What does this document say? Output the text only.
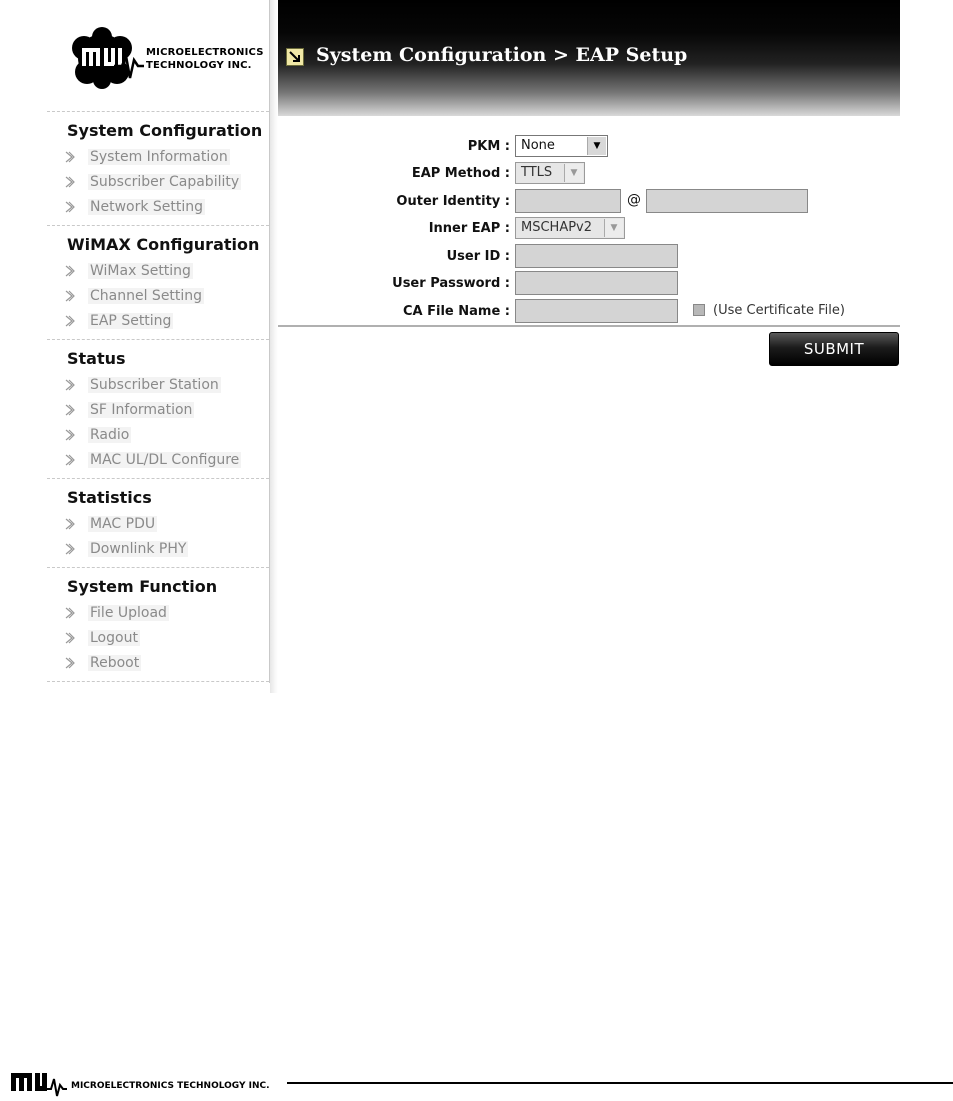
MICROELECTRONICS
TECHNOLOGY INC.
System Configuration
System Information
Subscriber Capability
Network Setting
WiMAX Configuration
WiMax Setting
Channel Setting
EAP Setting
Status
Subscriber Station
SF Information
Radio
MAC UL/DL Configure
Statistics
MAC PDU
Downlink PHY
System Function
File Upload
Logout
Reboot
System Configuration > EAP Setup
PKM : None	▼
EAP Method : TTLS	▼
Outer Identity :	@
Inner EAP : MSCHAPv2	▼
User ID :
User Password :
CA File Name :	(Use Certificate File)
SUBMIT
MICROELECTRONICS TECHNOLOGY INC.
